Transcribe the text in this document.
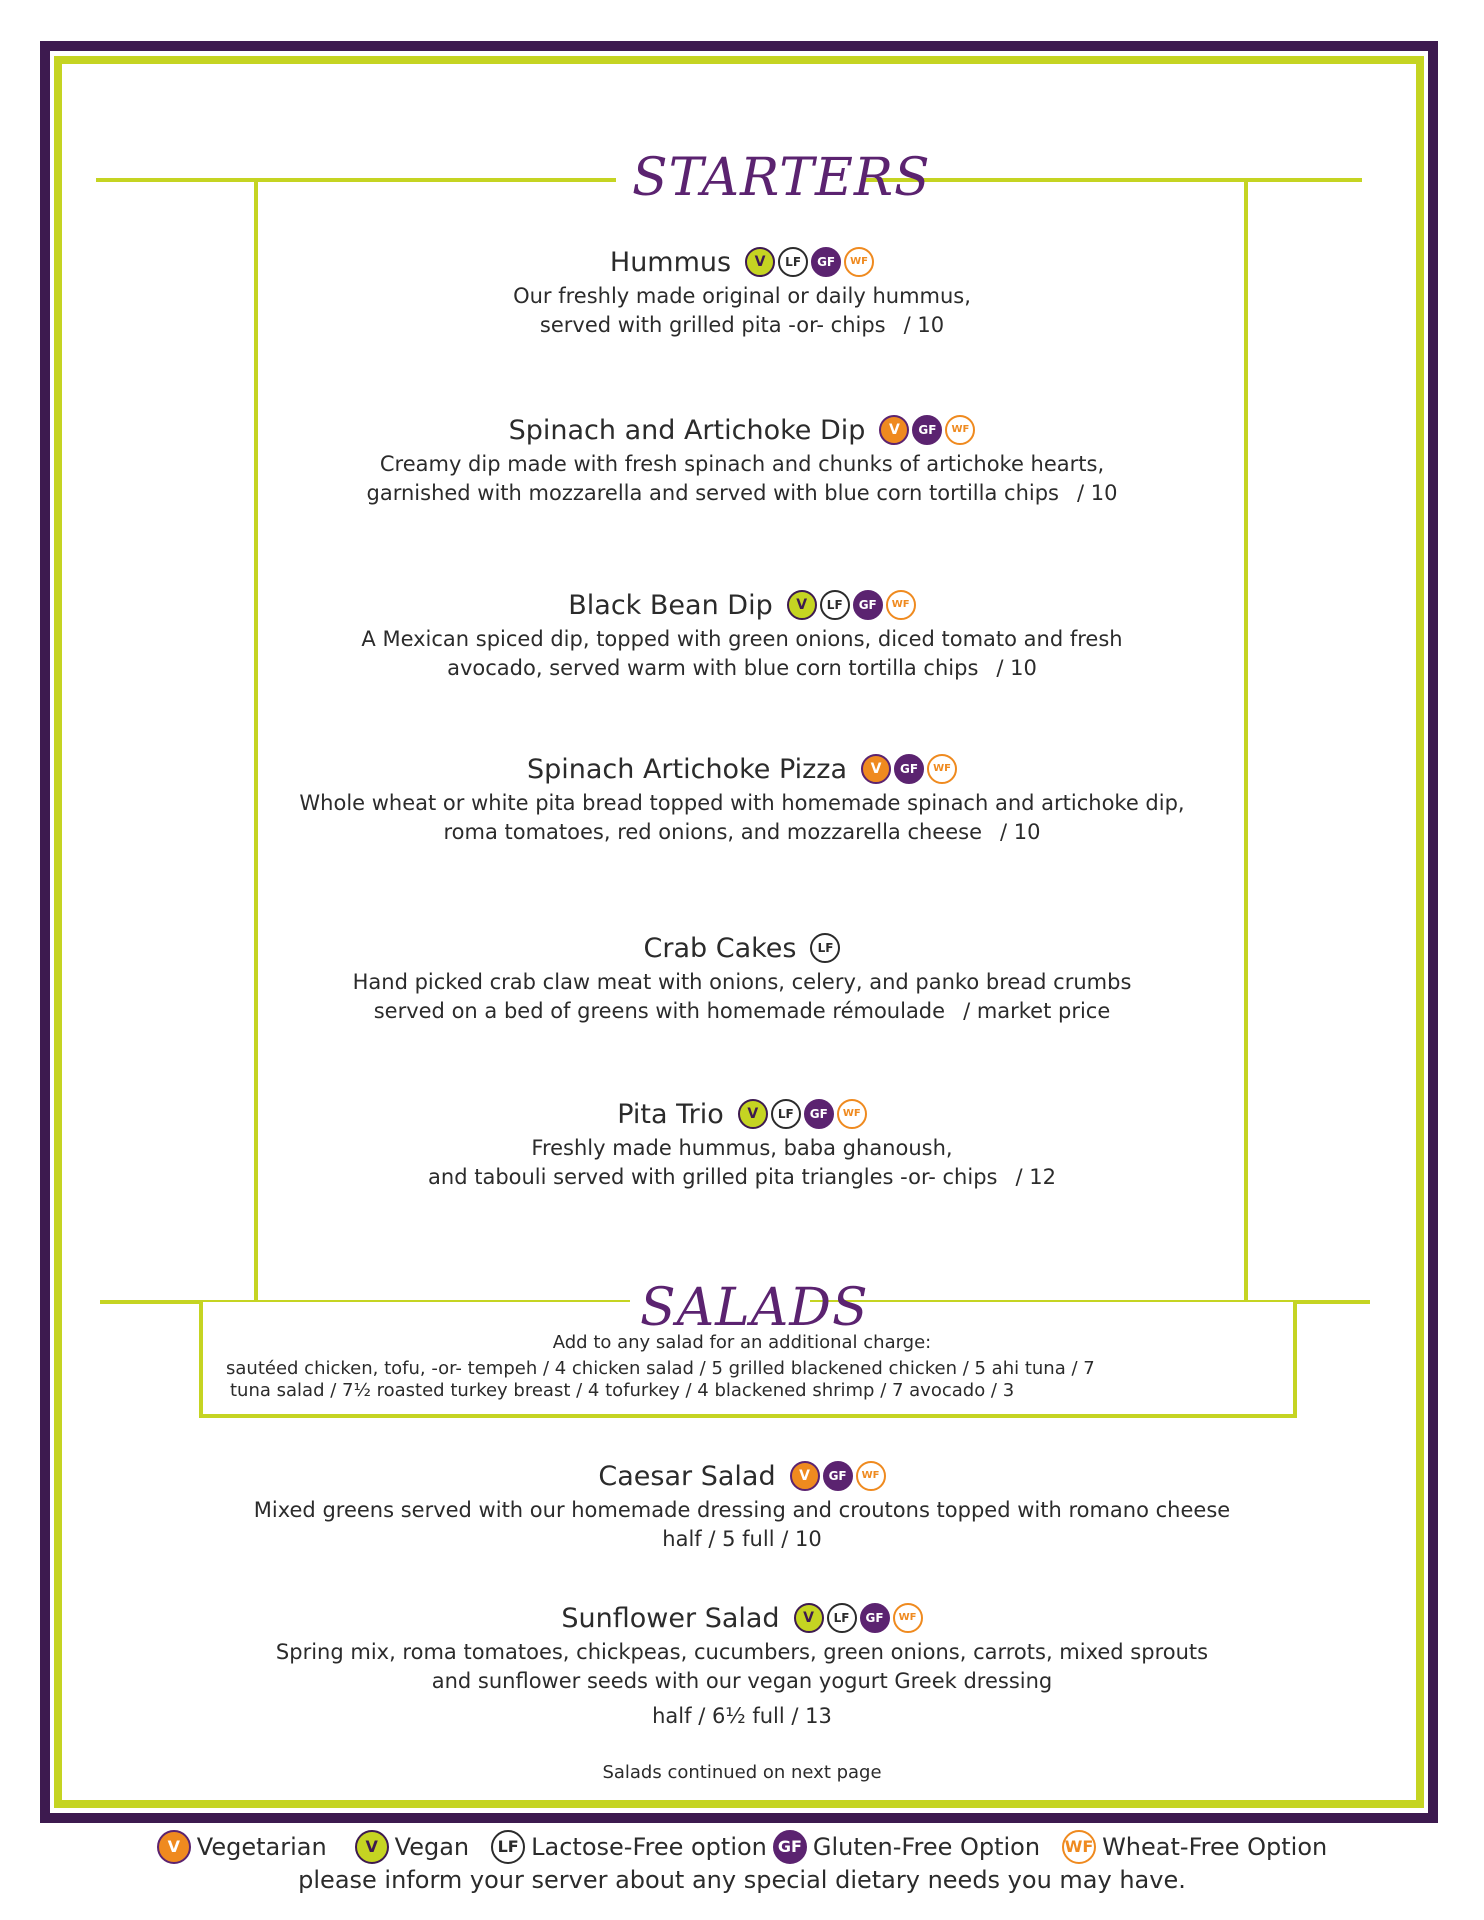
STARTERS
Hummus	V	LF	GF	WF
Our freshly made original or daily hummus,
served with grilled pita -or- chips / 10
Spinach and Artichoke Dip	V	GF	WF
Creamy dip made with fresh spinach and chunks of artichoke hearts,
garnished with mozzarella and served with blue corn tortilla chips / 10
Black Bean Dip	V	LF	GF	WF
A Mexican spiced dip, topped with green onions, diced tomato and fresh
avocado, served warm with blue corn tortilla chips / 10
Spinach Artichoke Pizza	V	GF	WF
Whole wheat or white pita bread topped with homemade spinach and artichoke dip,
roma tomatoes, red onions, and mozzarella cheese / 10
Crab Cakes	LF
Hand picked crab claw meat with onions, celery, and panko bread crumbs
served on a bed of greens with homemade rémoulade / market price
Pita Trio	V	LF	GF	WF
Freshly made hummus, baba ghanoush,
and tabouli served with grilled pita triangles -or- chips / 12
SALADS
Add to any salad for an additional charge:
sautéed chicken, tofu, -or- tempeh / 4 chicken salad / 5 grilled blackened chicken / 5 ahi tuna / 7
tuna salad / 7½ roasted turkey breast / 4 tofurkey / 4 blackened shrimp / 7 avocado / 3
Caesar Salad	V	GF	WF
Mixed greens served with our homemade dressing and croutons topped with romano cheese
half / 5 full / 10
Sunflower Salad	V	LF	GF	WF
Spring mix, roma tomatoes, chickpeas, cucumbers, green onions, carrots, mixed sprouts
and sunflower seeds with our vegan yogurt Greek dressing
half / 6½ full / 13
Salads continued on next page
V Vegetarian	V Vegan	LF Lactose-Free option GF Gluten-Free Option WF Wheat-Free Option
please inform your server about any special dietary needs you may have.
